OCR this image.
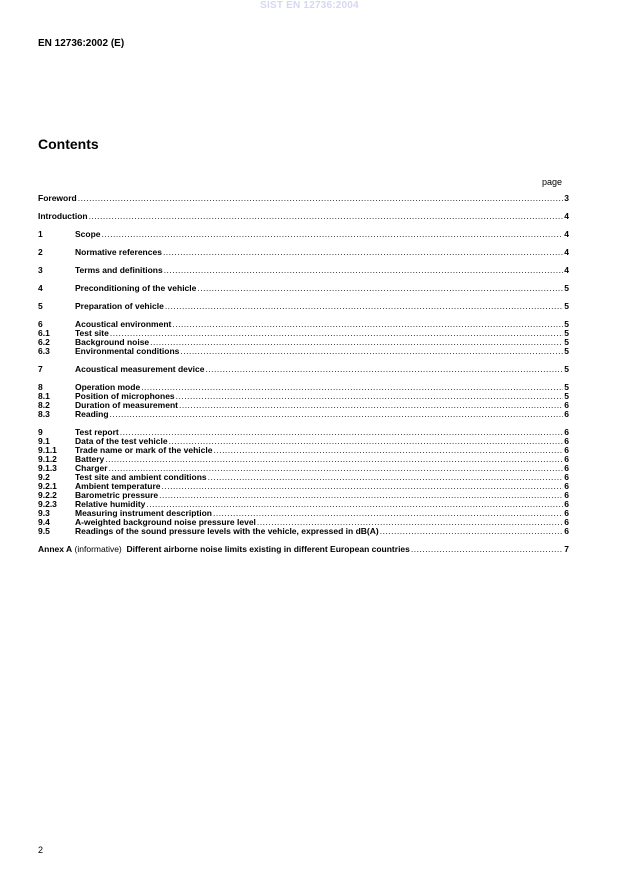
SIST EN 12736:2004
EN 12736:2002 (E)
Contents
page
Foreword .....	3
Introduction .....	4
1	Scope .....	4
2	Normative references .....	4
3	Terms and definitions .....	4
4	Preconditioning of the vehicle .....	5
5	Preparation of vehicle .....	5
6	Acoustical environment .....	5
6.1	Test site .....	5
6.2	Background noise .....	5
6.3	Environmental conditions .....	5
7	Acoustical measurement device .....	5
8	Operation mode .....	5
8.1	Position of microphones .....	5
8.2	Duration of measurement .....	6
8.3	Reading .....	6
9	Test report .....	6
9.1	Data of the test vehicle .....	6
9.1.1	Trade name or mark of the vehicle .....	6
9.1.2	Battery .....	6
9.1.3	Charger .....	6
9.2	Test site and ambient conditions .....	6
9.2.1	Ambient temperature .....	6
9.2.2	Barometric pressure .....	6
9.2.3	Relative humidity .....	6
9.3	Measuring instrument description .....	6
9.4	A-weighted background noise pressure level .....	6
9.5	Readings of the sound pressure levels with the vehicle, expressed in dB(A) .....	6
Annex A (informative) Different airborne noise limits existing in different European countries .....	7
2
